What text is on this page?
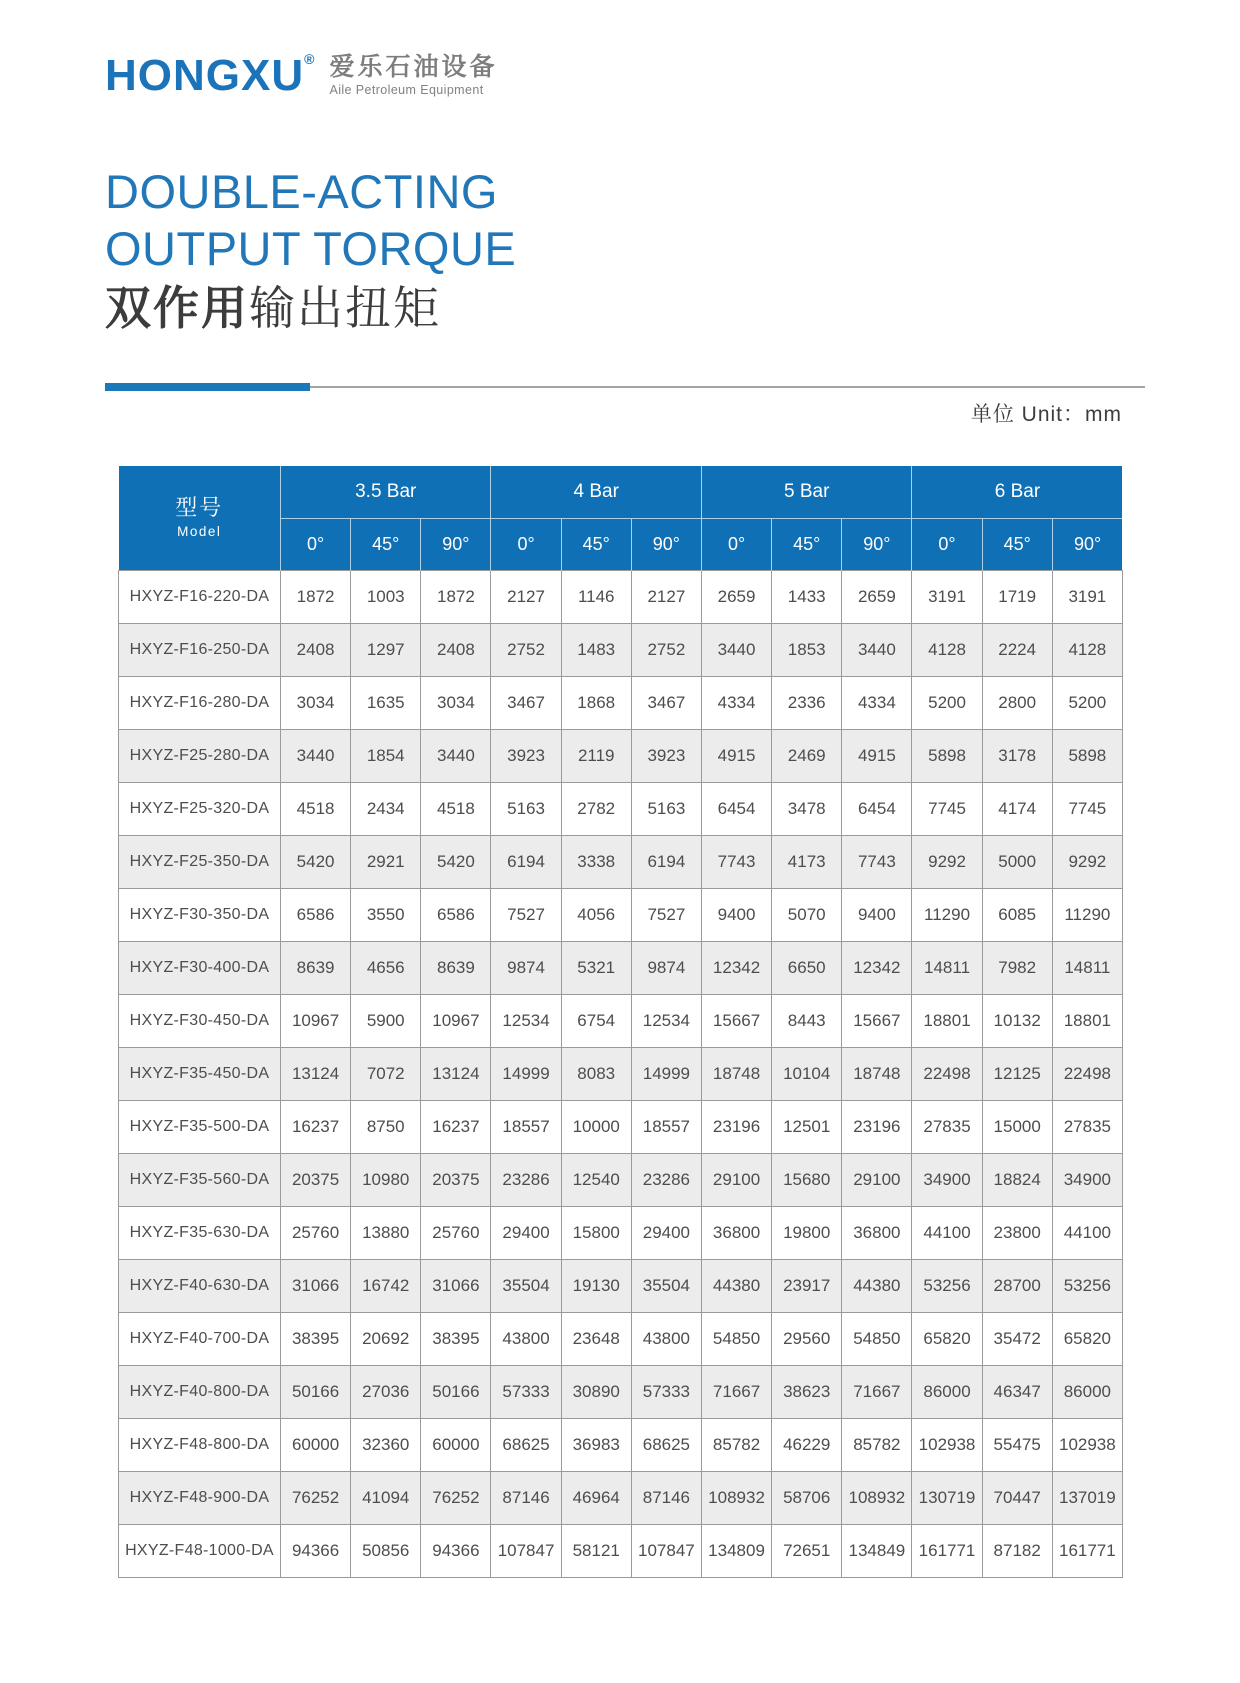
HONGXU® 爱乐石油设备
Aile Petroleum Equipment
DOUBLE-ACTING
OUTPUT TORQUE
双作用输出扭矩
单位 Unit：mm
型号
Model	3.5 Bar			4 Bar			5 Bar			6 Bar		
	0°	45°	90°	0°	45°	90°	0°	45°	90°	0°	45°	90°
HXYZ-F16-220-DA	1872	1003	1872	2127	1146	2127	2659	1433	2659	3191	1719	3191
HXYZ-F16-250-DA	2408	1297	2408	2752	1483	2752	3440	1853	3440	4128	2224	4128
HXYZ-F16-280-DA	3034	1635	3034	3467	1868	3467	4334	2336	4334	5200	2800	5200
HXYZ-F25-280-DA	3440	1854	3440	3923	2119	3923	4915	2469	4915	5898	3178	5898
HXYZ-F25-320-DA	4518	2434	4518	5163	2782	5163	6454	3478	6454	7745	4174	7745
HXYZ-F25-350-DA	5420	2921	5420	6194	3338	6194	7743	4173	7743	9292	5000	9292
HXYZ-F30-350-DA	6586	3550	6586	7527	4056	7527	9400	5070	9400	11290	6085	11290
HXYZ-F30-400-DA	8639	4656	8639	9874	5321	9874	12342	6650	12342	14811	7982	14811
HXYZ-F30-450-DA	10967	5900	10967	12534	6754	12534	15667	8443	15667	18801	10132	18801
HXYZ-F35-450-DA	13124	7072	13124	14999	8083	14999	18748	10104	18748	22498	12125	22498
HXYZ-F35-500-DA	16237	8750	16237	18557	10000	18557	23196	12501	23196	27835	15000	27835
HXYZ-F35-560-DA	20375	10980	20375	23286	12540	23286	29100	15680	29100	34900	18824	34900
HXYZ-F35-630-DA	25760	13880	25760	29400	15800	29400	36800	19800	36800	44100	23800	44100
HXYZ-F40-630-DA	31066	16742	31066	35504	19130	35504	44380	23917	44380	53256	28700	53256
HXYZ-F40-700-DA	38395	20692	38395	43800	23648	43800	54850	29560	54850	65820	35472	65820
HXYZ-F40-800-DA	50166	27036	50166	57333	30890	57333	71667	38623	71667	86000	46347	86000
HXYZ-F48-800-DA	60000	32360	60000	68625	36983	68625	85782	46229	85782	102938	55475	102938
HXYZ-F48-900-DA	76252	41094	76252	87146	46964	87146	108932	58706	108932	130719	70447	137019
HXYZ-F48-1000-DA	94366	50856	94366	107847	58121	107847	134809	72651	134849	161771	87182	161771
